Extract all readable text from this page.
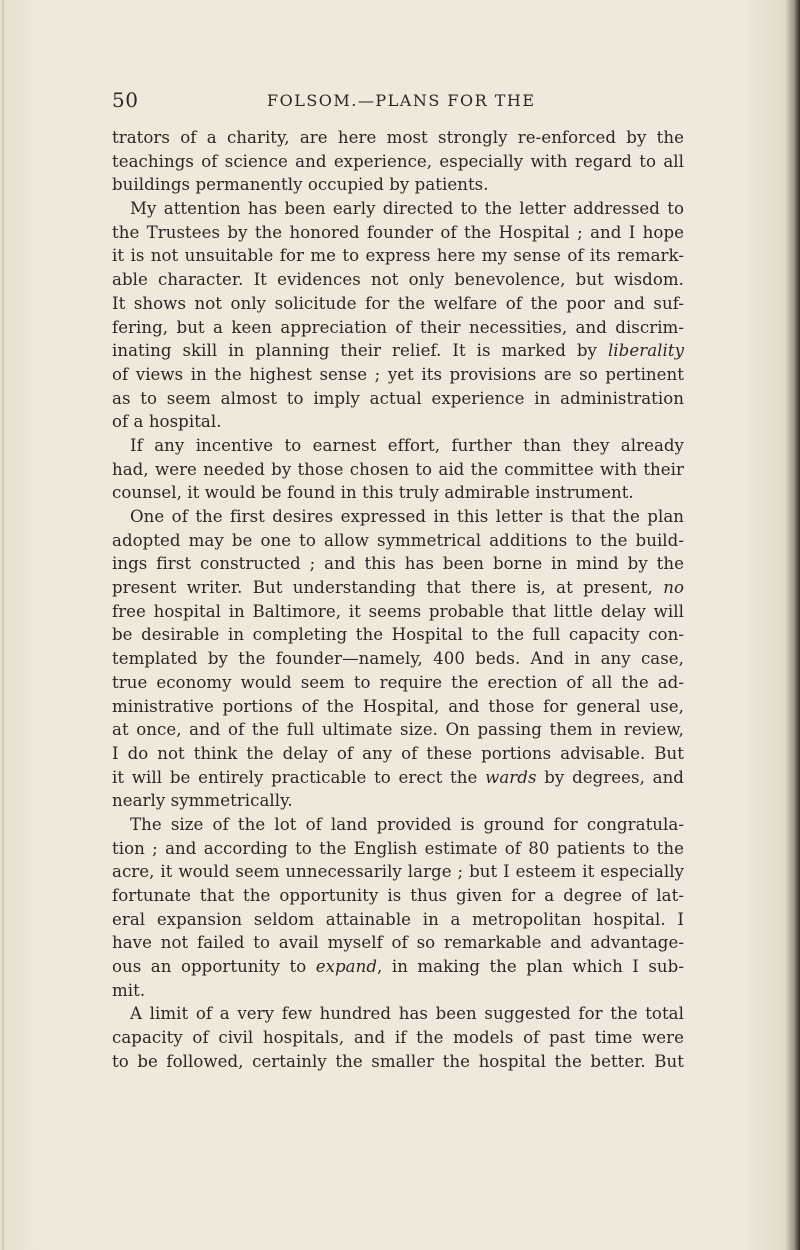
50	FOLSOM.—PLANS FOR THE
trators of a charity, are here most strongly re-enforced by the
teachings of science and experience, especially with regard to all
buildings permanently occupied by patients.
My attention has been early directed to the letter addressed to
the Trustees by the honored founder of the Hospital ; and I hope
it is not unsuitable for me to express here my sense of its remark-
able character. It evidences not only benevolence, but wisdom.
It shows not only solicitude for the welfare of the poor and suf-
fering, but a keen appreciation of their necessities, and discrim-
inating skill in planning their relief. It is marked by liberality
of views in the highest sense ; yet its provisions are so pertinent
as to seem almost to imply actual experience in administration
of a hospital.
If any incentive to earnest effort, further than they already
had, were needed by those chosen to aid the committee with their
counsel, it would be found in this truly admirable instrument.
One of the first desires expressed in this letter is that the plan
adopted may be one to allow symmetrical additions to the build-
ings first constructed ; and this has been borne in mind by the
present writer. But understanding that there is, at present, no
free hospital in Baltimore, it seems probable that little delay will
be desirable in completing the Hospital to the full capacity con-
templated by the founder—namely, 400 beds. And in any case,
true economy would seem to require the erection of all the ad-
ministrative portions of the Hospital, and those for general use,
at once, and of the full ultimate size. On passing them in review,
I do not think the delay of any of these portions advisable. But
it will be entirely practicable to erect the wards by degrees, and
nearly symmetrically.
The size of the lot of land provided is ground for congratula-
tion ; and according to the English estimate of 80 patients to the
acre, it would seem unnecessarily large ; but I esteem it especially
fortunate that the opportunity is thus given for a degree of lat-
eral expansion seldom attainable in a metropolitan hospital. I
have not failed to avail myself of so remarkable and advantage-
ous an opportunity to expand, in making the plan which I sub-
mit.
A limit of a very few hundred has been suggested for the total
capacity of civil hospitals, and if the models of past time were
to be followed, certainly the smaller the hospital the better. But
